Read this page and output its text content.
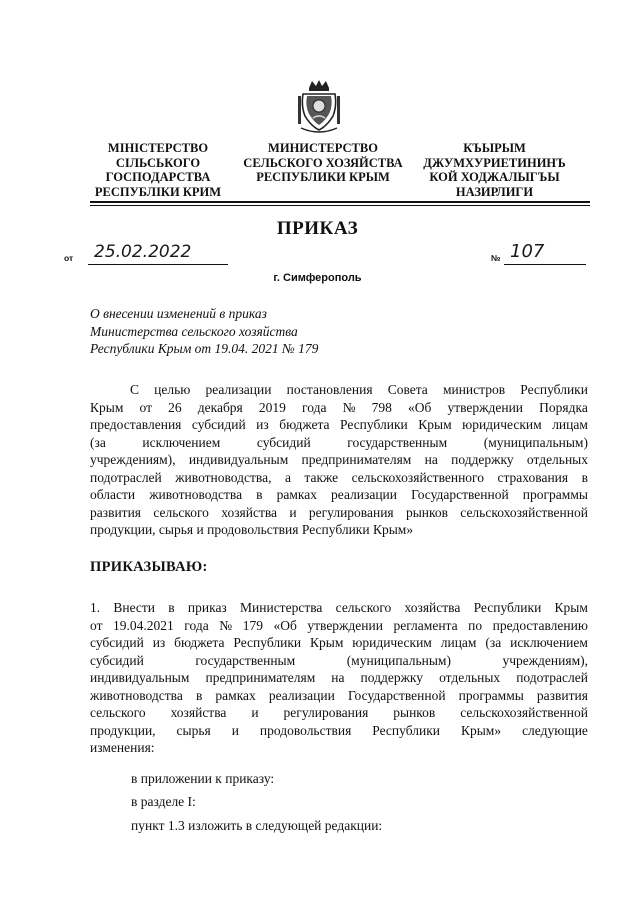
МІНІСТЕРСТВО
СІЛЬСЬКОГО
ГОСПОДАРСТВА
РЕСПУБЛІКИ КРИМ
МИНИСТЕРСТВО
СЕЛЬСКОГО ХОЗЯЙСТВА
РЕСПУБЛИКИ КРЫМ
КЪЫРЫМ
ДЖУМХУРИЕТИНИНЪ
КОЙ ХОДЖАЛЫГЪЫ
НАЗИРЛИГИ
ПРИКАЗ
от	25.02.2022	№ 107
г. Симферополь
О внесении изменений в приказ
Министерства сельского хозяйства
Республики Крым от 19.04. 2021 № 179
С целью реализации постановления Совета министров Республики
Крым от 26 декабря 2019 года № 798 «Об утверждении Порядка
предоставления субсидий из бюджета Республики Крым юридическим лицам
(за	исключением	субсидий	государственным	(муниципальным)
учреждениям), индивидуальным предпринимателям на поддержку отдельных
подотраслей животноводства, а также сельскохозяйственного страхования в
области животноводства в рамках реализации Государственной программы
развития сельского хозяйства и регулирования рынков сельскохозяйственной
продукции, сырья и продовольствия Республики Крым»
ПРИКАЗЫВАЮ:
1. Внести в приказ Министерства сельского хозяйства Республики Крым
от 19.04.2021 года № 179 «Об утверждении регламента по предоставлению
субсидий из бюджета Республики Крым юридическим лицам (за исключением
субсидий	государственным	(муниципальным)	учреждениям),
индивидуальным предпринимателям на поддержку отдельных подотраслей
животноводства в рамках реализации Государственной программы развития
сельского хозяйства и регулирования рынков сельскохозяйственной
продукции, сырья и продовольствия Республики Крым» следующие
изменения:
в приложении к приказу:
в разделе I:
пункт 1.3 изложить в следующей редакции:
